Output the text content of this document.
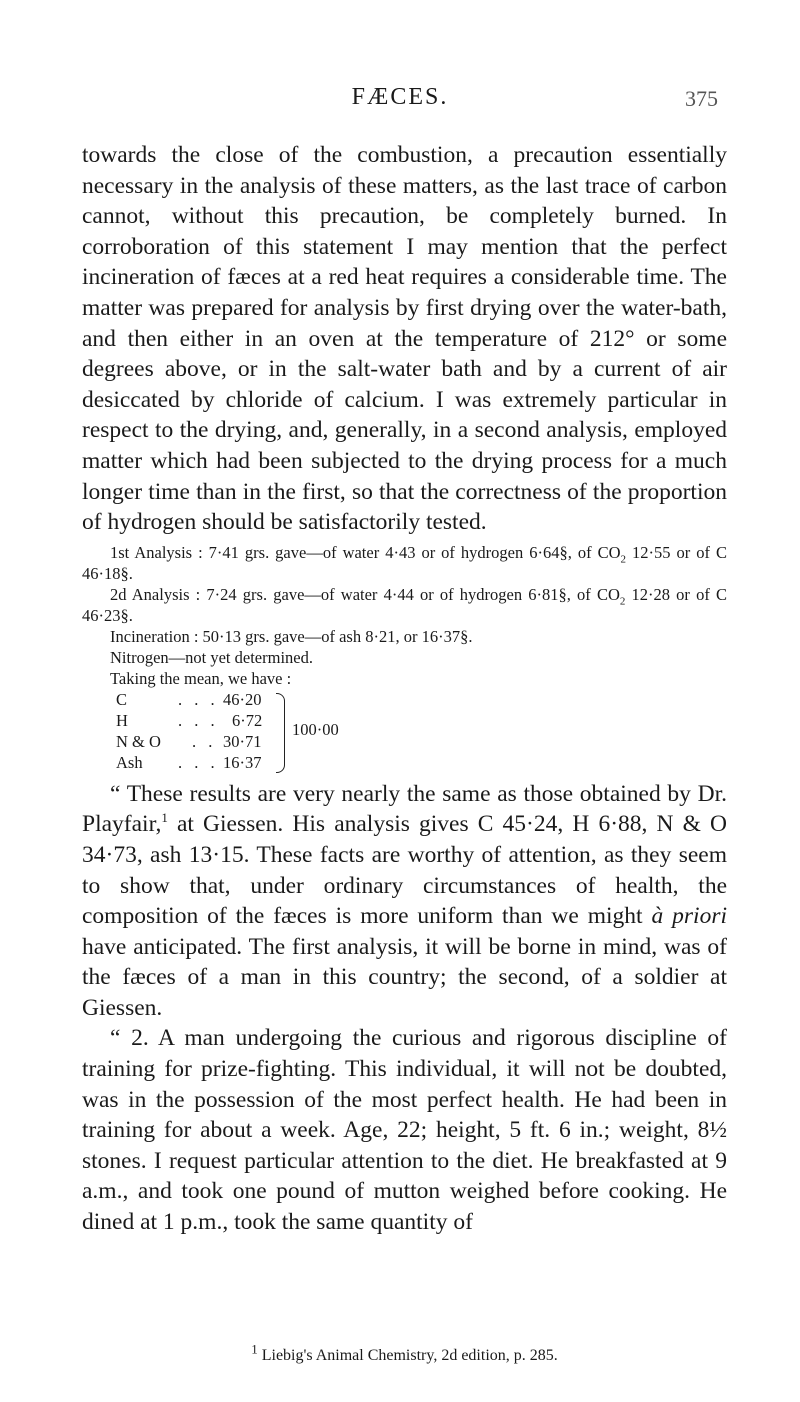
FÆCES.	375

towards the close of the combustion, a precaution essentially necessary in the analysis of these matters, as the last trace of carbon cannot, without this precaution, be completely burned. In corroboration of this statement I may mention that the perfect incineration of fæces at a red heat requires a considerable time. The matter was prepared for analysis by first drying over the water-bath, and then either in an oven at the temperature of 212° or some degrees above, or in the salt-water bath and by a current of air desiccated by chloride of calcium. I was extremely particular in respect to the drying, and, generally, in a second analysis, employed matter which had been subjected to the drying process for a much longer time than in the first, so that the correctness of the proportion of hydrogen should be satisfactorily tested.

1st Analysis : 7·41 grs. gave—of water 4·43 or of hydrogen 6·64§, of $CO_2$ 12·55 or of C 46·18§.

2d Analysis : 7·24 grs. gave—of water 4·44 or of hydrogen 6·81§, of $CO_2$ 12·28 or of C 46·23§.

Incineration : 50·13 grs. gave—of ash 8·21, or 16·37§.

Nitrogen—not yet determined.

Taking the mean, we have :

C	. . . 46·20
H	. . . 6·72
N & O . . 30·71
Ash . . . 16·37
100·00

“ These results are very nearly the same as those obtained by Dr. Playfair,$^1$ at Giessen. His analysis gives C 45·24, H 6·88, N & O 34·73, ash 13·15. These facts are worthy of attention, as they seem to show that, under ordinary circumstances of health, the composition of the fæces is more uniform than we might à priori have anticipated. The first analysis, it will be borne in mind, was of the fæces of a man in this country; the second, of a soldier at Giessen.

“ 2. A man undergoing the curious and rigorous discipline of training for prize-fighting. This individual, it will not be doubted, was in the possession of the most perfect health. He had been in training for about a week. Age, 22; height, 5 ft. 6 in.; weight, 8½ stones. I request particular attention to the diet. He breakfasted at 9 a.m., and took one pound of mutton weighed before cooking. He dined at 1 p.m., took the same quantity of

$^1$ Liebig's Animal Chemistry, 2d edition, p. 285.
